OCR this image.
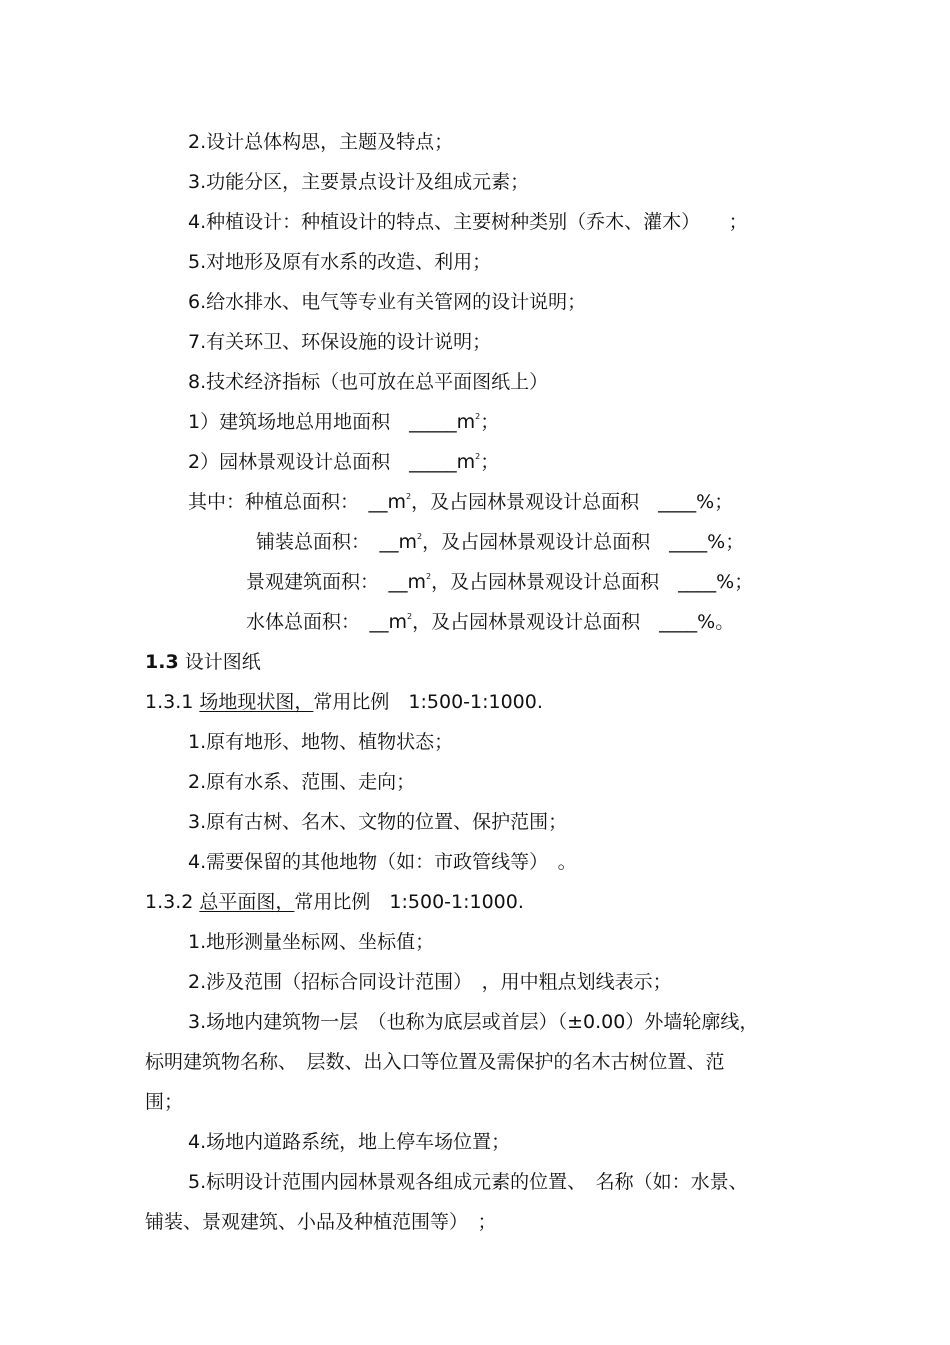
2.设计总体构思，主题及特点；
3.功能分区，主要景点设计及组成元素；
4.种植设计：种植设计的特点、主要树种类别（乔木、灌木）　　；
5.对地形及原有水系的改造、利用；
6.给水排水、电气等专业有关管网的设计说明；
7.有关环卫、环保设施的设计说明；
8.技术经济指标（也可放在总平面图纸上）
1）建筑场地总用地面积　$\_\_\_\_\_m^2$；
2）园林景观设计总面积　$\_\_\_\_\_m^2$；
其中：种植总面积：　$\_\_m^2$，及占园林景观设计总面积　____%；
铺装总面积：　$\_\_m^2$，及占园林景观设计总面积　____%；
景观建筑面积：　$\_\_m^2$，及占园林景观设计总面积　____%；
水体总面积：　$\_\_m^2$，及占园林景观设计总面积　____%。
1.3 设计图纸
1.3.1 场地现状图，常用比例　1:500-1:1000.
1.原有地形、地物、植物状态；
2.原有水系、范围、走向；
3.原有古树、名木、文物的位置、保护范围；
4.需要保留的其他地物（如：市政管线等）　。
1.3.2 总平面图，常用比例　1:500-1:1000.
1.地形测量坐标网、坐标值；
2.涉及范围（招标合同设计范围）　，用中粗点划线表示；
3.场地内建筑物一层　（也称为底层或首层）（±0.00）外墙轮廓线，
标明建筑物名称、　层数、出入口等位置及需保护的名木古树位置、范
围；
4.场地内道路系统，地上停车场位置；
5.标明设计范围内园林景观各组成元素的位置、　名称（如：水景、
铺装、景观建筑、小品及种植范围等）　；
